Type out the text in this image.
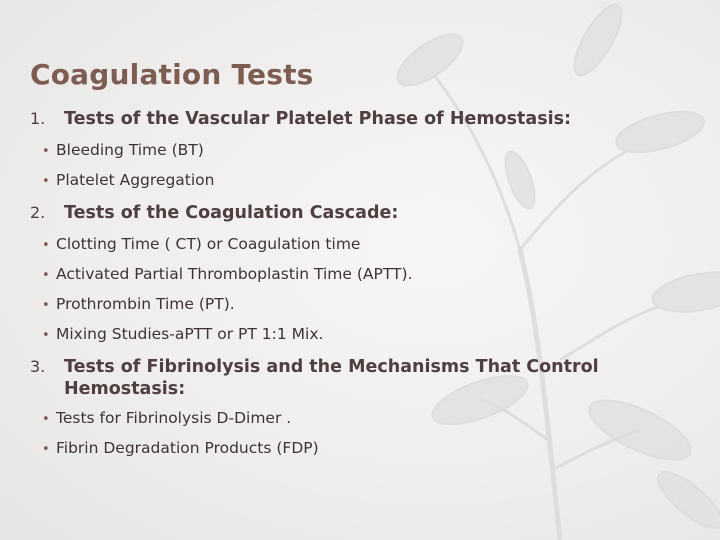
Coagulation Tests
1.	Tests of the Vascular Platelet Phase of Hemostasis:
• Bleeding Time (BT)
• Platelet Aggregation
2.	Tests of the Coagulation Cascade:
• Clotting Time ( CT) or Coagulation time
• Activated Partial Thromboplastin Time (APTT).
• Prothrombin Time (PT).
• Mixing Studies-aPTT or PT 1:1 Mix.
3.	Tests of Fibrinolysis and the Mechanisms That Control Hemostasis:
• Tests for Fibrinolysis D-Dimer .
• Fibrin Degradation Products (FDP)
